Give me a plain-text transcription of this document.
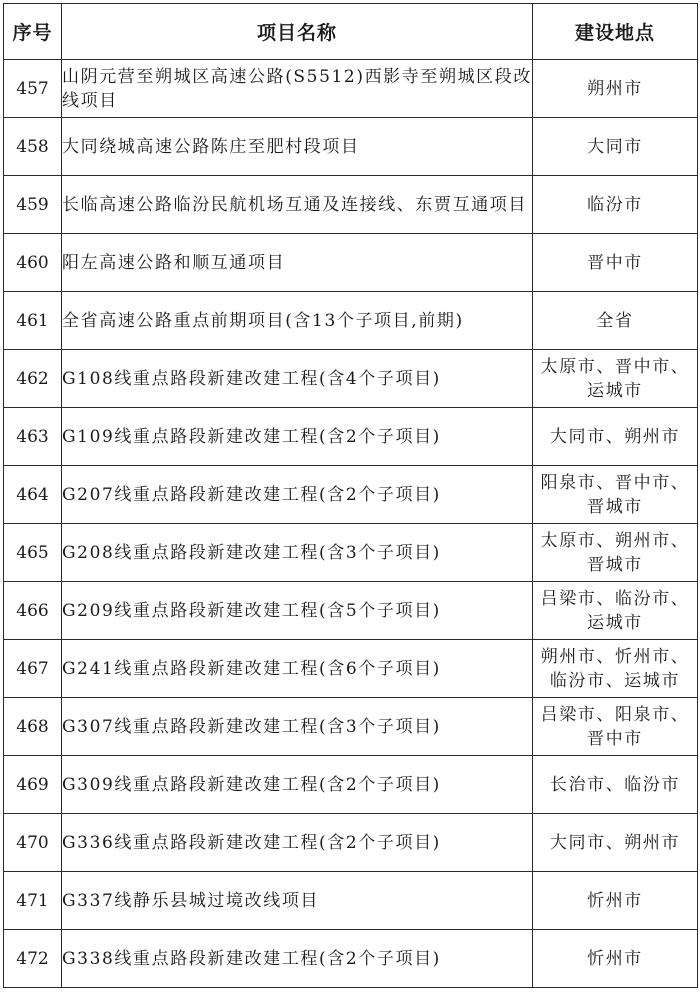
序号	项目名称	建设地点
457	山阴元营至朔城区高速公路(S5512)西影寺至朔城区段改线项目	朔州市
458	大同绕城高速公路陈庄至肥村段项目	大同市
459	长临高速公路临汾民航机场互通及连接线、东贾互通项目	临汾市
460	阳左高速公路和顺互通项目	晋中市
461	全省高速公路重点前期项目(含13个子项目,前期)	全省
462	G108线重点路段新建改建工程(含4个子项目)	太原市、晋中市、运城市
463	G109线重点路段新建改建工程(含2个子项目)	大同市、朔州市
464	G207线重点路段新建改建工程(含2个子项目)	阳泉市、晋中市、晋城市
465	G208线重点路段新建改建工程(含3个子项目)	太原市、朔州市、晋城市
466	G209线重点路段新建改建工程(含5个子项目)	吕梁市、临汾市、运城市
467	G241线重点路段新建改建工程(含6个子项目)	朔州市、忻州市、临汾市、运城市
468	G307线重点路段新建改建工程(含3个子项目)	吕梁市、阳泉市、晋中市
469	G309线重点路段新建改建工程(含2个子项目)	长治市、临汾市
470	G336线重点路段新建改建工程(含2个子项目)	大同市、朔州市
471	G337线静乐县城过境改线项目	忻州市
472	G338线重点路段新建改建工程(含2个子项目)	忻州市
